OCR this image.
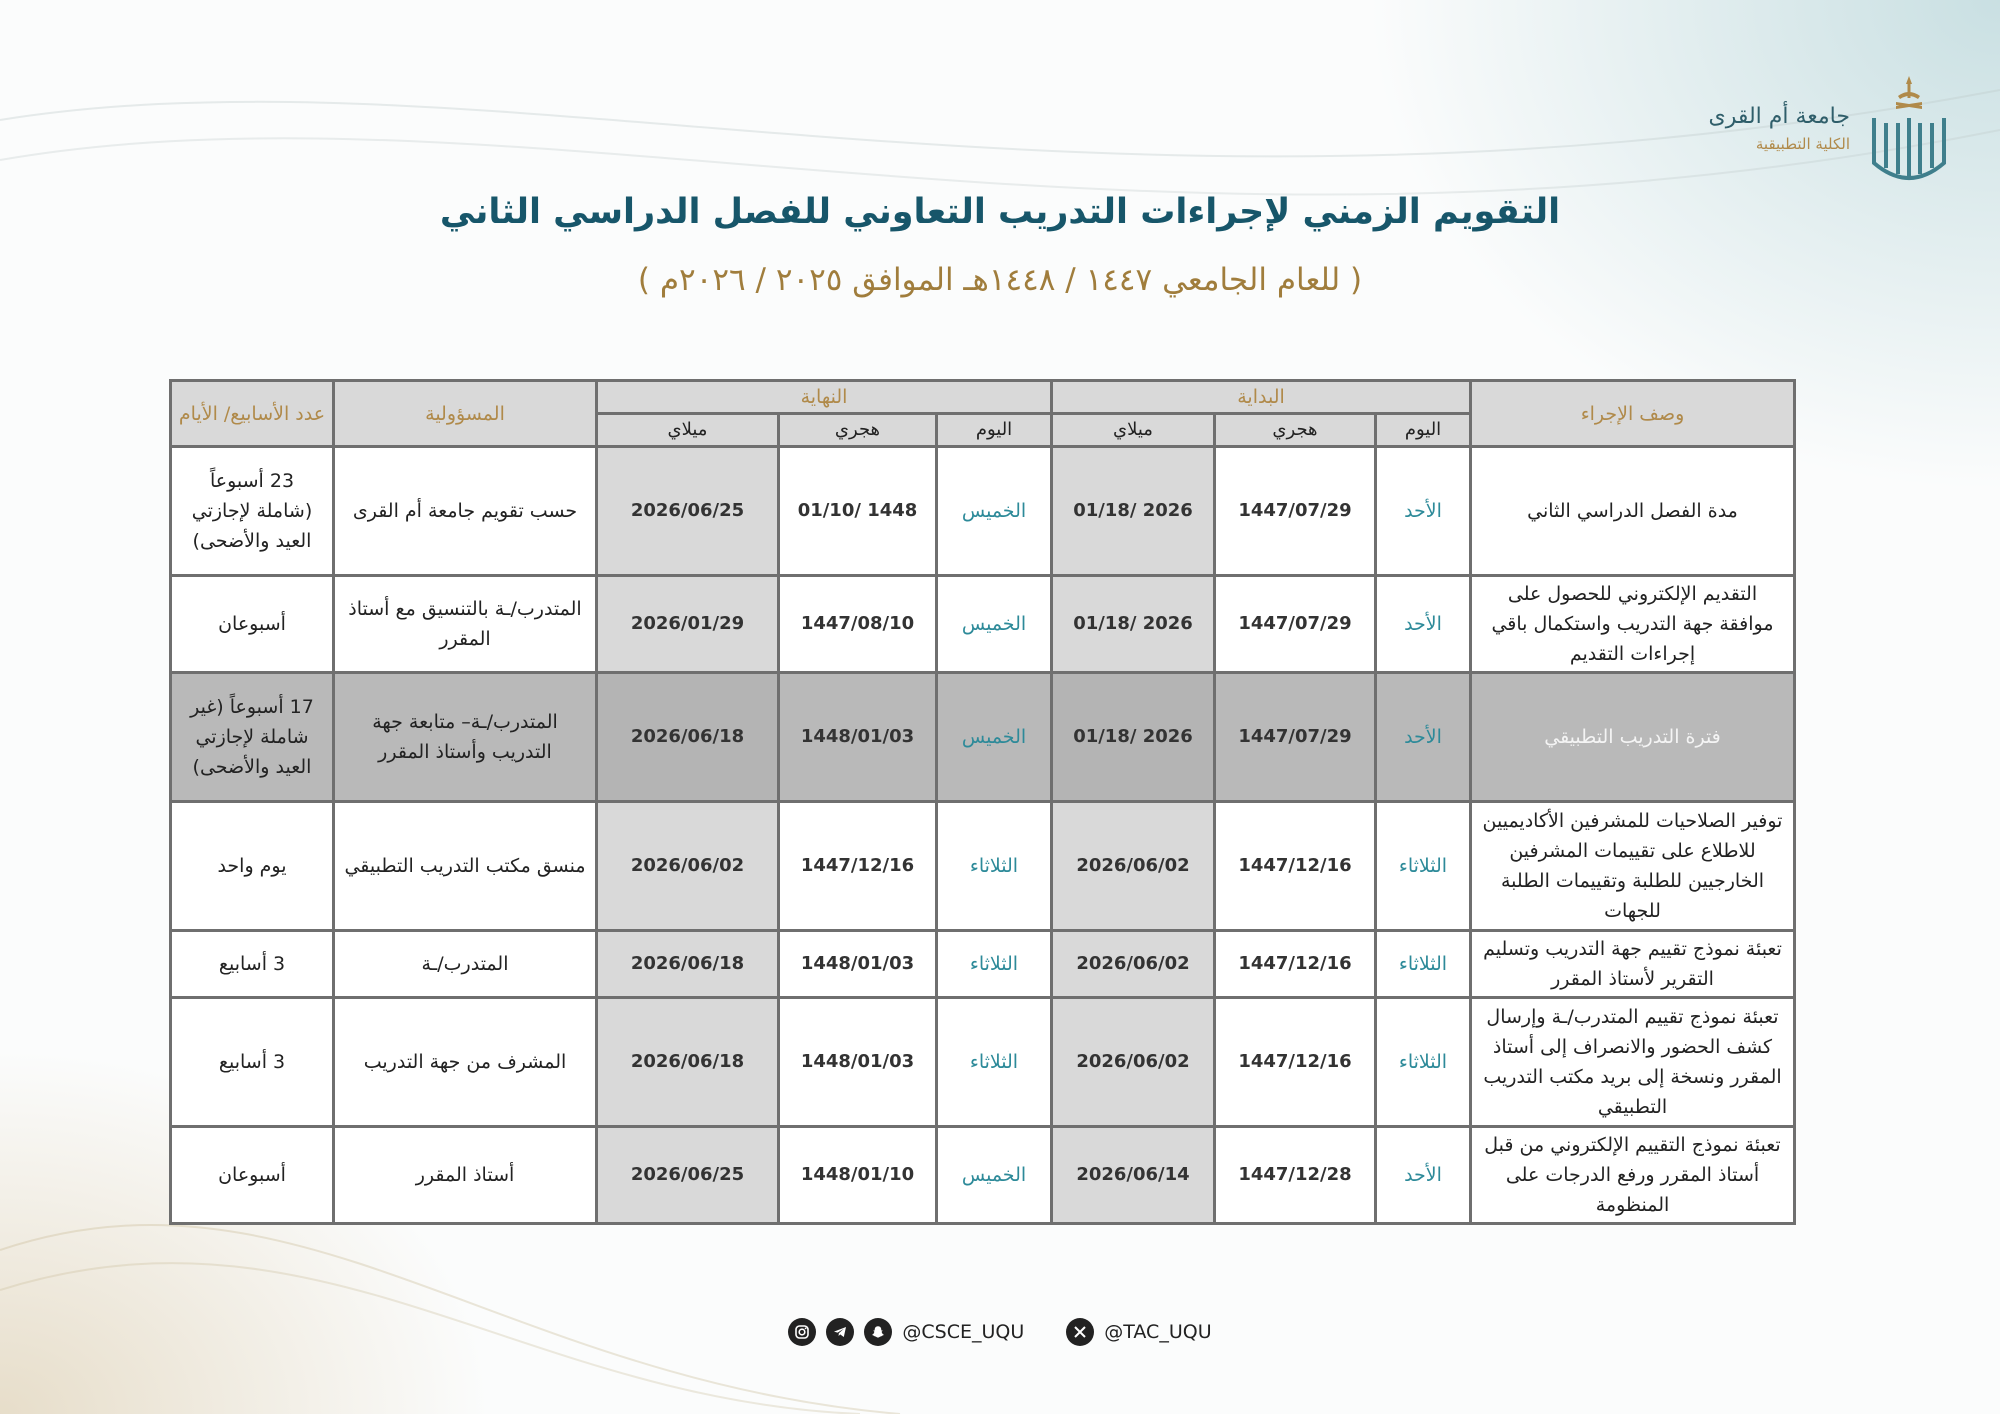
جامعة أم القرى
الكلية التطبيقية
التقويم الزمني لإجراءات التدريب التعاوني للفصل الدراسي الثاني
( للعام الجامعي ١٤٤٧ / ١٤٤٨هـ الموافق ٢٠٢٥ / ٢٠٢٦م )
وصف الإجراء	البداية			النهاية			المسؤولية	عدد الأسابيع/ الأيام
	اليوم	هجري	ميلاي	اليوم	هجري	ميلاي		
مدة الفصل الدراسي الثاني	الأحد	1447/07/29	2026 /01/18	الخميس	1448 /01/10	2026/06/25	حسب تقويم جامعة أم القرى	23 أسبوعاً (شاملة لإجازتي العيد والأضحى)
التقديم الإلكتروني للحصول على موافقة جهة التدريب واستكمال باقي إجراءات التقديم	الأحد	1447/07/29	2026 /01/18	الخميس	1447/08/10	2026/01/29	المتدرب/ـة بالتنسيق مع أستاذ المقرر	أسبوعان
فترة التدريب التطبيقي	الأحد	1447/07/29	2026 /01/18	الخميس	1448/01/03	2026/06/18	المتدرب/ـة– متابعة جهة التدريب وأستاذ المقرر	17 أسبوعاً (غير شاملة لإجازتي العيد والأضحى)
توفير الصلاحيات للمشرفين الأكاديميين للاطلاع على تقييمات المشرفين الخارجيين للطلبة وتقييمات الطلبة للجهات	الثلاثاء	1447/12/16	2026/06/02	الثلاثاء	1447/12/16	2026/06/02	منسق مكتب التدريب التطبيقي	يوم واحد
تعبئة نموذج تقييم جهة التدريب وتسليم التقرير لأستاذ المقرر	الثلاثاء	1447/12/16	2026/06/02	الثلاثاء	1448/01/03	2026/06/18	المتدرب/ـة	3 أسابيع
تعبئة نموذج تقييم المتدرب/ـة وإرسال كشف الحضور والانصراف إلى أستاذ المقرر ونسخة إلى بريد مكتب التدريب التطبيقي	الثلاثاء	1447/12/16	2026/06/02	الثلاثاء	1448/01/03	2026/06/18	المشرف من جهة التدريب	3 أسابيع
تعبئة نموذج التقييم الإلكتروني من قبل أستاذ المقرر ورفع الدرجات على المنظومة	الأحد	1447/12/28	2026/06/14	الخميس	1448/01/10	2026/06/25	أستاذ المقرر	أسبوعان
@CSCE_UQU	@TAC_UQU
